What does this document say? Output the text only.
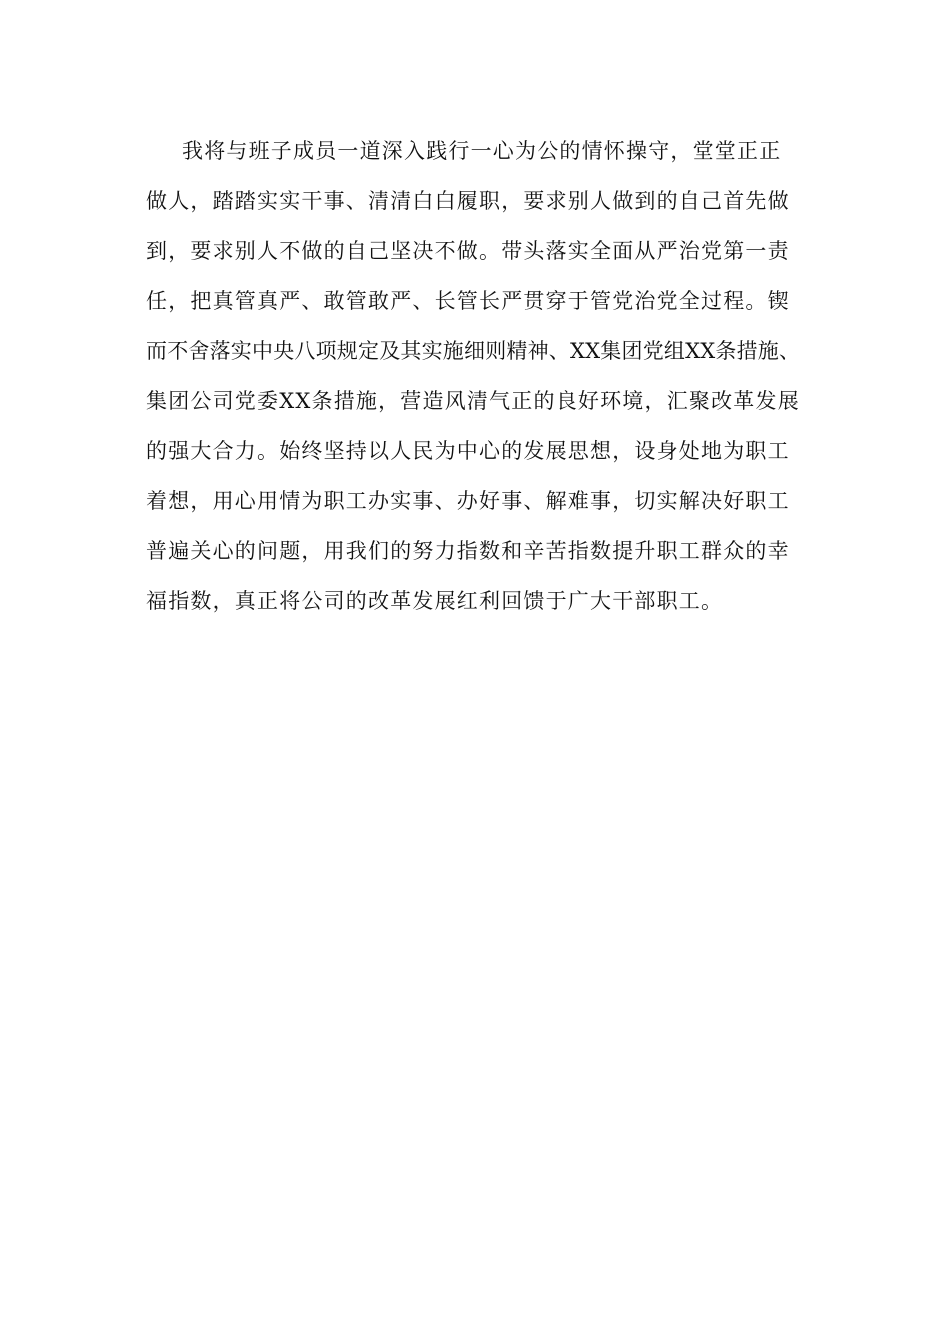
我将与班子成员一道深入践行一心为公的情怀操守，堂堂正正
做人，踏踏实实干事、清清白白履职，要求别人做到的自己首先做
到，要求别人不做的自己坚决不做。带头落实全面从严治党第一责
任，把真管真严、敢管敢严、长管长严贯穿于管党治党全过程。锲
而不舍落实中央八项规定及其实施细则精神、XX集团党组XX条措施、
集团公司党委XX条措施，营造风清气正的良好环境，汇聚改革发展
的强大合力。始终坚持以人民为中心的发展思想，设身处地为职工
着想，用心用情为职工办实事、办好事、解难事，切实解决好职工
普遍关心的问题，用我们的努力指数和辛苦指数提升职工群众的幸
福指数，真正将公司的改革发展红利回馈于广大干部职工。
